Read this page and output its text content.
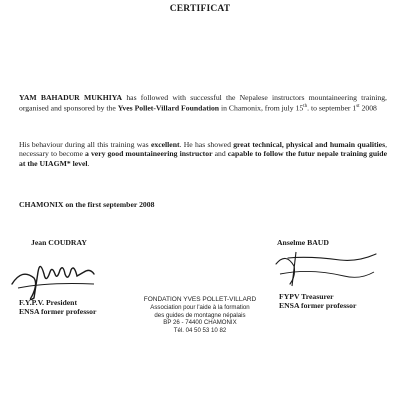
CERTIFICAT

YAM BAHADUR MUKHIYA has followed with successful the Nepalese instructors mountaineering training, organised and sponsored by the Yves Pollet-Villard Foundation in Chamonix, from july 15th. to september 1st 2008

His behaviour during all this training was excellent. He has showed great technical, physical and humain qualities, necessary to become a very good mountaineering instructor and capable to follow the futur nepale training guide at the UIAGM* level.

CHAMONIX on the first september 2008
Jean COUDRAY	Anselme BAUD
F.Y.P.V. President
ENSA former professor
FYPV Treasurer
ENSA former professor
FONDATION YVES POLLET-VILLARD
Association pour l'aide à la formation
des guides de montagne népalais
BP 26 - 74400 CHAMONIX
Tél. 04 50 53 10 82
